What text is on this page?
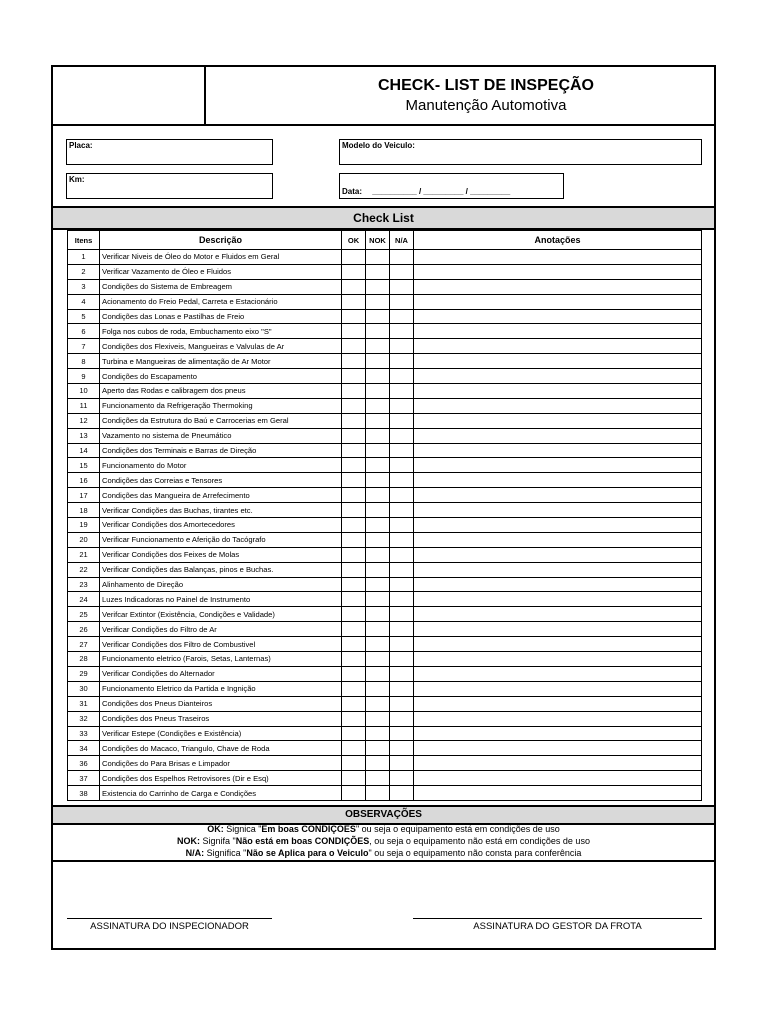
CHECK- LIST DE INSPEÇÃO
Manutenção Automotiva
Placa:	Modelo do Veiculo:
Km:
Data: __________ / _________ / _________
Check List
Itens	Descrição	OK	NOK	N/A	Anotações
1	Verificar Niveis de Óleo do Motor e Fluidos em Geral				
2	Verificar Vazamento de Óleo e Fluidos				
3	Condições do Sistema de Embreagem				
4	Acionamento do Freio Pedal, Carreta e Estacionário				
5	Condições das Lonas e Pastilhas de Freio				
6	Folga nos cubos de roda, Embuchamento eixo "S"				
7	Condições dos Flexiveis, Mangueiras e Valvulas de Ar				
8	Turbina e Mangueiras de alimentação de Ar Motor				
9	Condições do Escapamento				
10	Aperto das Rodas e calibragem dos pneus				
11	Funcionamento da Refrigeração Thermoking				
12	Condições da Estrutura do Baú e Carrocerias em Geral				
13	Vazamento no sistema de Pneumático				
14	Condições dos Terminais e Barras de Direção				
15	Funcionamento do Motor				
16	Condições das Correias e Tensores				
17	Condições das Mangueira de Arrefecimento				
18	Verificar Condições das Buchas, tirantes etc.				
19	Verificar Condições dos Amortecedores				
20	Verificar Funcionamento e Aferição do Tacógrafo				
21	Verificar Condições dos Feixes de Molas				
22	Verificar Condições das Balanças, pinos e Buchas.				
23	Alinhamento de Direção				
24	Luzes Indicadoras no Painel de Instrumento				
25	Verifcar Extintor (Existência, Condições e Validade)				
26	Verificar Condições do Filtro de Ar				
27	Verificar Condições dos Filtro de Combustivel				
28	Funcionamento eletrico (Farois, Setas, Lanternas)				
29	Verificar Condições do Alternador				
30	Funcionamento Eletrico da Partida e Ingnição				
31	Condições dos Pneus Dianteiros				
32	Condições dos Pneus Traseiros				
33	Verificar Estepe (Condições e Existência)				
34	Condições do Macaco, Triangulo, Chave de Roda				
36	Condições do Para Brisas e Limpador				
37	Condições dos Espelhos Retrovisores (Dir e Esq)				
38	Existencia do Carrinho de Carga e Condições				
OBSERVAÇÕES
OK: Signica "Em boas CONDIÇÕES" ou seja o equipamento está em condições de uso
NOK: Signifa "Não está em boas CONDIÇÕES, ou seja o equipamento não está em condições de uso
N/A: Significa "Não se Aplica para o Veiculo" ou seja o equipamento não consta para conferência
ASSINATURA DO INSPECIONADOR	ASSINATURA DO GESTOR DA FROTA
